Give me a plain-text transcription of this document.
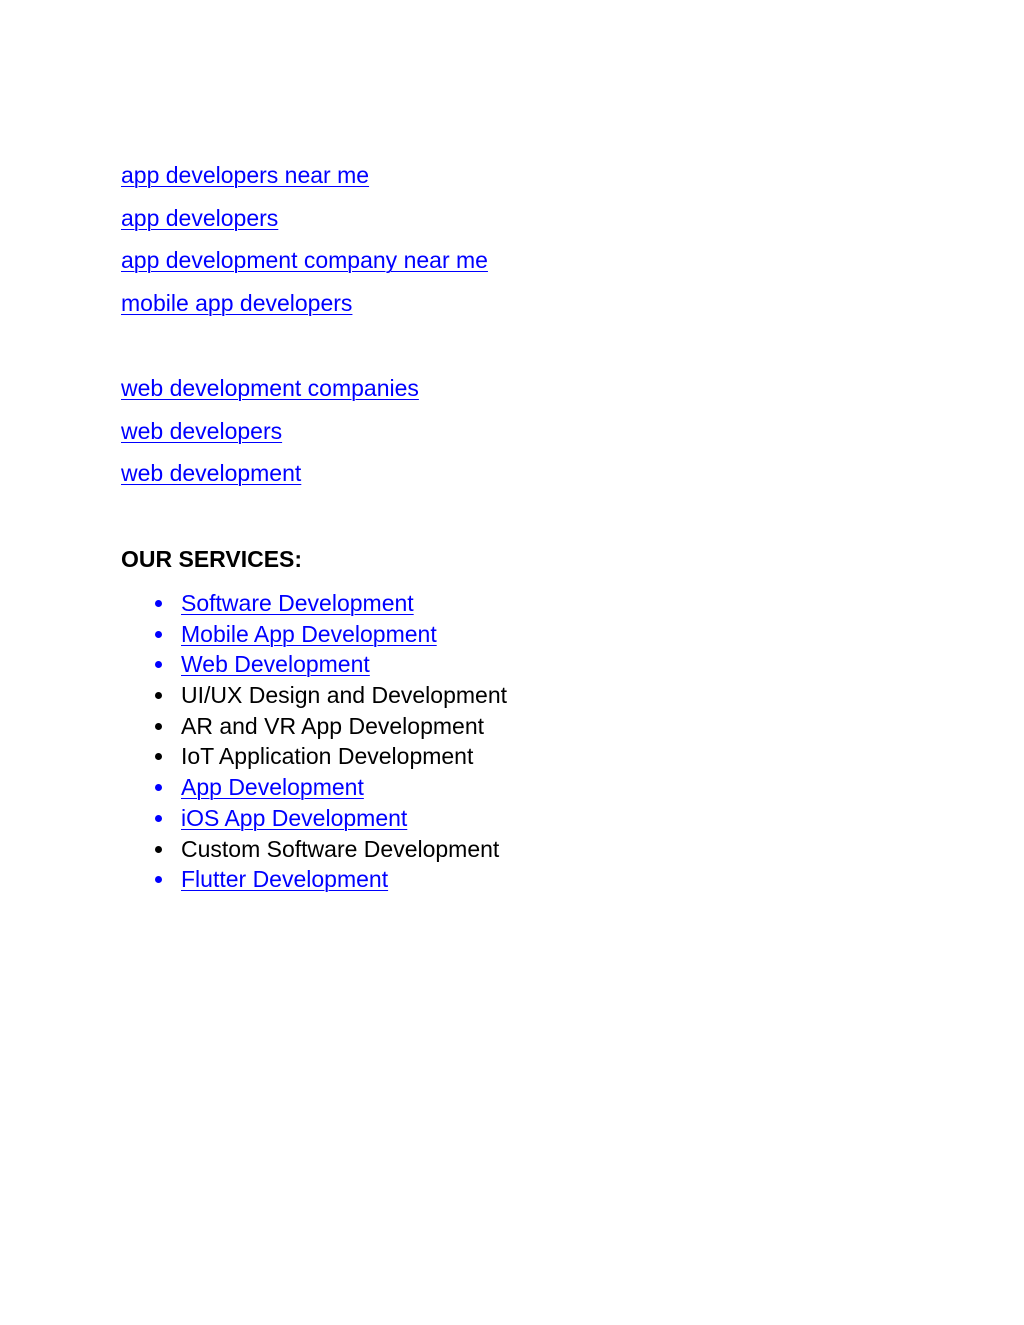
app developers near me
app developers
app development company near me
mobile app developers
web development companies
web developers
web development
OUR SERVICES:
Software Development
Mobile App Development
Web Development
UI/UX Design and Development
AR and VR App Development
IoT Application Development
App Development
iOS App Development
Custom Software Development
Flutter Development
